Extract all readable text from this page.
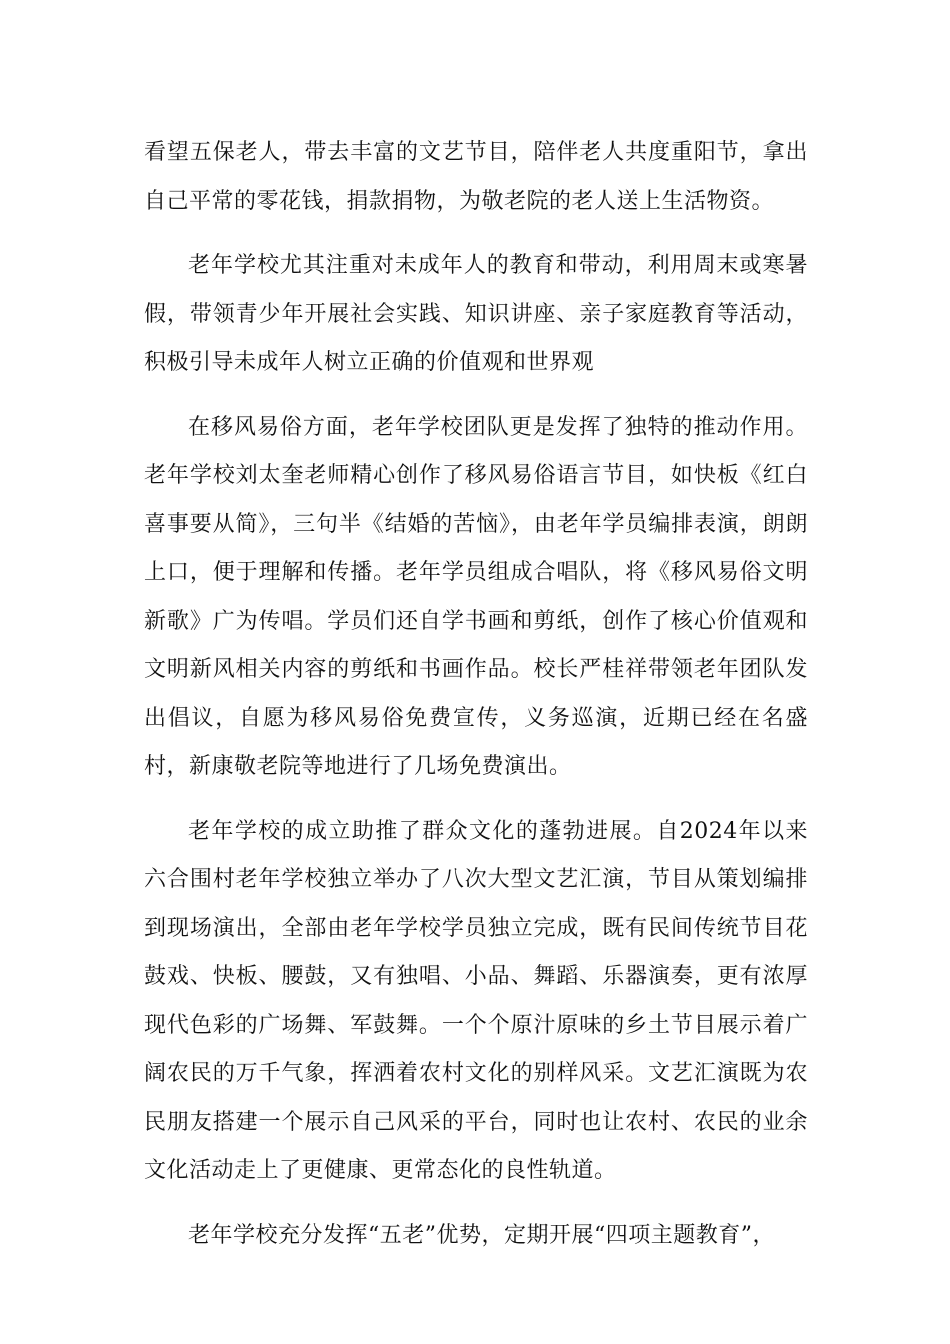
看望五保老人，带去丰富的文艺节目，陪伴老人共度重阳节，拿出自己平常的零花钱，捐款捐物，为敬老院的老人送上生活物资。

老年学校尤其注重对未成年人的教育和带动，利用周末或寒暑假，带领青少年开展社会实践、知识讲座、亲子家庭教育等活动，积极引导未成年人树立正确的价值观和世界观

在移风易俗方面，老年学校团队更是发挥了独特的推动作用。老年学校刘太奎老师精心创作了移风易俗语言节目，如快板《红白喜事要从简》，三句半《结婚的苦恼》，由老年学员编排表演，朗朗上口，便于理解和传播。老年学员组成合唱队，将《移风易俗文明新歌》广为传唱。学员们还自学书画和剪纸，创作了核心价值观和文明新风相关内容的剪纸和书画作品。校长严桂祥带领老年团队发出倡议，自愿为移风易俗免费宣传，义务巡演，近期已经在名盛村，新康敬老院等地进行了几场免费演出。

老年学校的成立助推了群众文化的蓬勃进展。自2024年以来六合围村老年学校独立举办了八次大型文艺汇演，节目从策划编排到现场演出，全部由老年学校学员独立完成，既有民间传统节目花鼓戏、快板、腰鼓，又有独唱、小品、舞蹈、乐器演奏，更有浓厚现代色彩的广场舞、军鼓舞。一个个原汁原味的乡土节目展示着广阔农民的万千气象，挥洒着农村文化的别样风采。文艺汇演既为农民朋友搭建一个展示自己风采的平台，同时也让农村、农民的业余文化活动走上了更健康、更常态化的良性轨道。

老年学校充分发挥“五老”优势，定期开展“四项主题教育”，
